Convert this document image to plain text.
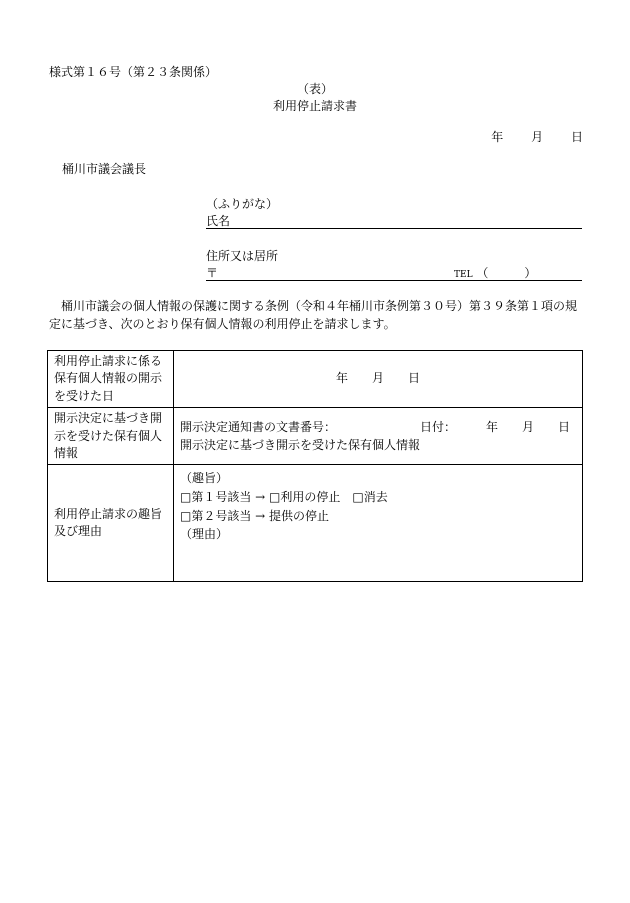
様式第１６号（第２３条関係）
（表）
利用停止請求書
年 月 日
桶川市議会議長
（ふりがな）
氏名
住所又は居所
〒	TEL （　　　）
桶川市議会の個人情報の保護に関する条例（令和４年桶川市条例第３０号）第３９条第１項の規定に基づき、次のとおり保有個人情報の利用停止を請求します。
利用停止請求に係る保有個人情報の開示を受けた日	年　　月　　日
開示決定に基づき開示を受けた保有個人情報	開示決定通知書の文書番号： 日付：　　　年　　月　　日
開示決定に基づき開示を受けた保有個人情報

利用停止請求の趣旨及び理由	（趣旨）
□第１号該当 → □利用の停止　□消去
□第２号該当 → 提供の停止
（理由）
